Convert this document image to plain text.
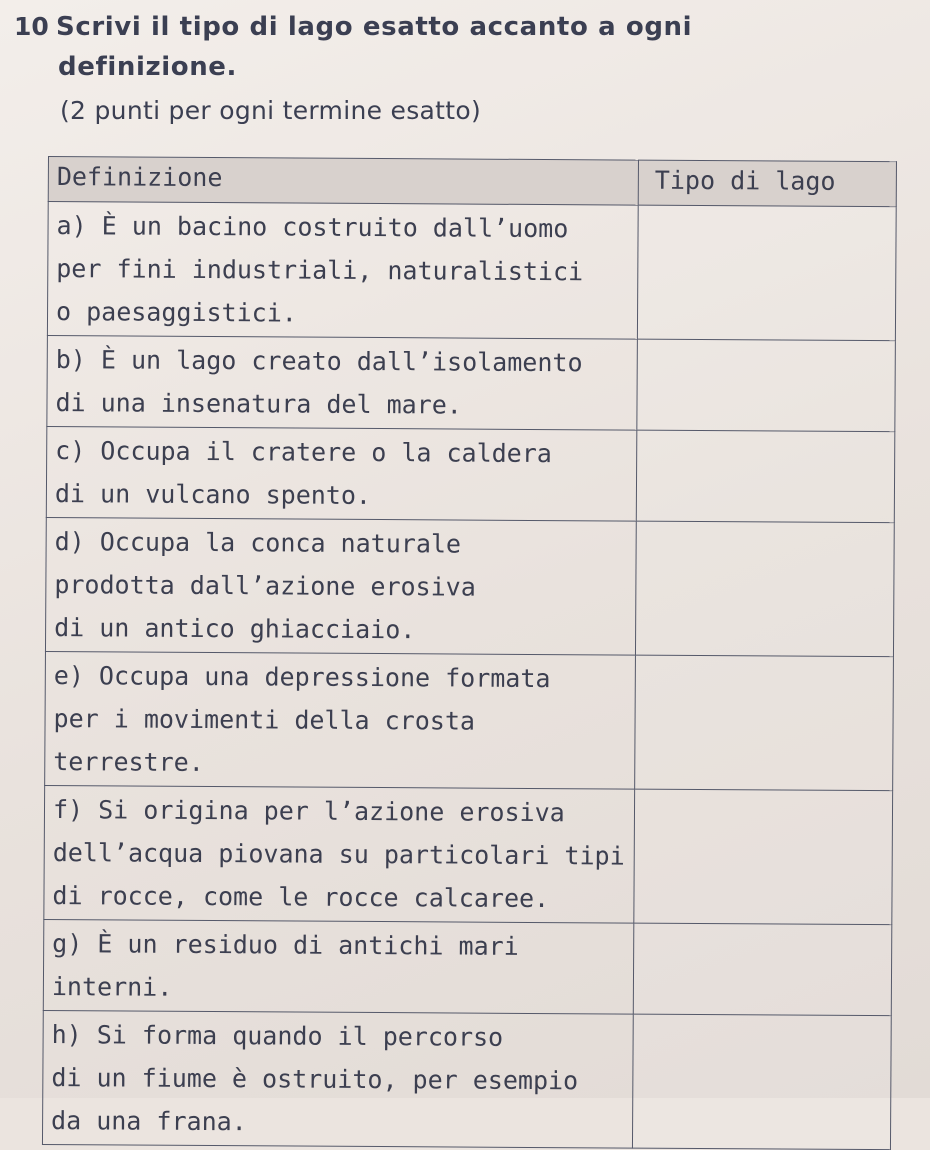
10 Scrivi il tipo di lago esatto accanto a ogni
definizione.
(2 punti per ogni termine esatto)
Definizione	Tipo di lago

a) È un bacino costruito dall’uomo
per fini industriali, naturalistici
o paesaggistici.	

b) È un lago creato dall’isolamento
di una insenatura del mare.	

c) Occupa il cratere o la caldera
di un vulcano spento.	

d) Occupa la conca naturale
prodotta dall’azione erosiva
di un antico ghiacciaio.	

e) Occupa una depressione formata
per i movimenti della crosta terrestre.	

f) Si origina per l’azione erosiva
dell’acqua piovana su particolari tipi
di rocce, come le rocce calcaree.	

g) È un residuo di antichi mari
interni.	

h) Si forma quando il percorso
di un fiume è ostruito, per esempio
da una frana.	
